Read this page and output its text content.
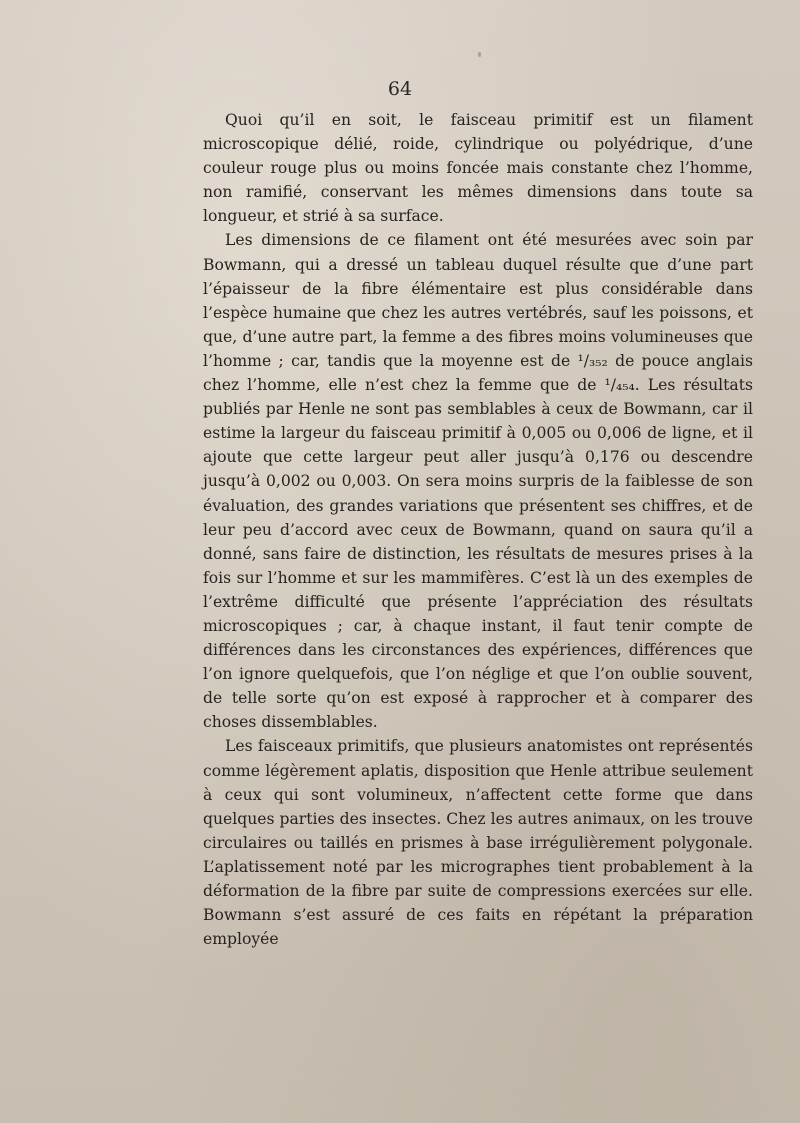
64

Quoi qu’il en soit, le faisceau primitif est un filament microscopique délié, roide, cylindrique ou polyédrique, d’une couleur rouge plus ou moins foncée mais constante chez l’homme, non ramifié, conservant les mêmes dimensions dans toute sa longueur, et strié à sa surface.

Les dimensions de ce filament ont été mesurées avec soin par Bowmann, qui a dressé un tableau duquel résulte que d’une part l’épaisseur de la fibre élémentaire est plus considérable dans l’espèce humaine que chez les autres vertébrés, sauf les poissons, et que, d’une autre part, la femme a des fibres moins volumineuses que l’homme ; car, tandis que la moyenne est de ¹/₃₅₂ de pouce anglais chez l’homme, elle n’est chez la femme que de ¹/₄₅₄. Les résultats publiés par Henle ne sont pas semblables à ceux de Bowmann, car il estime la largeur du faisceau primitif à 0,005 ou 0,006 de ligne, et il ajoute que cette largeur peut aller jusqu’à 0,176 ou descendre jusqu’à 0,002 ou 0,003. On sera moins surpris de la faiblesse de son évaluation, des grandes variations que présentent ses chiffres, et de leur peu d’accord avec ceux de Bowmann, quand on saura qu’il a donné, sans faire de distinction, les résultats de mesures prises à la fois sur l’homme et sur les mammifères. C’est là un des exemples de l’extrême difficulté que présente l’appréciation des résultats microscopiques ; car, à chaque instant, il faut tenir compte de différences dans les circonstances des expériences, différences que l’on ignore quelquefois, que l’on néglige et que l’on oublie souvent, de telle sorte qu’on est exposé à rapprocher et à comparer des choses dissemblables.

Les faisceaux primitifs, que plusieurs anatomistes ont représentés comme légèrement aplatis, disposition que Henle attribue seulement à ceux qui sont volumineux, n’affectent cette forme que dans quelques parties des insectes. Chez les autres animaux, on les trouve circulaires ou taillés en prismes à base irrégulièrement polygonale. L’aplatissement noté par les micrographes tient probablement à la déformation de la fibre par suite de compressions exercées sur elle. Bowmann s’est assuré de ces faits en répétant la préparation employée
